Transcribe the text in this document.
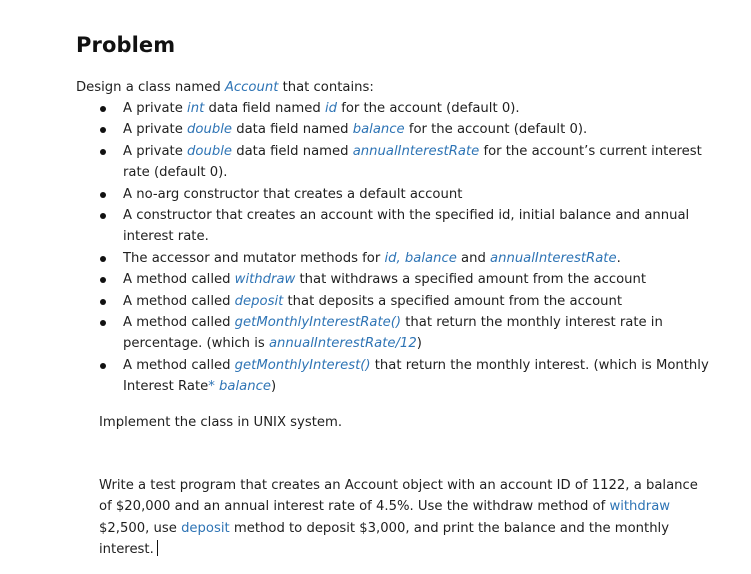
Problem
Design a class named Account that contains:
A private int data field named id for the account (default 0).
A private double data field named balance for the account (default 0).
A private double data field named annualInterestRate for the account’s current interest rate (default 0).
A no-arg constructor that creates a default account
A constructor that creates an account with the specified id, initial balance and annual interest rate.
The accessor and mutator methods for id, balance and annualInterestRate.
A method called withdraw that withdraws a specified amount from the account
A method called deposit that deposits a specified amount from the account
A method called getMonthlyInterestRate() that return the monthly interest rate in percentage. (which is annualInterestRate/12)
A method called getMonthlyInterest() that return the monthly interest. (which is Monthly Interest Rate* balance)
Implement the class in UNIX system.
Write a test program that creates an Account object with an account ID of 1122, a balance of $20,000 and an annual interest rate of 4.5%. Use the withdraw method of withdraw $2,500, use deposit method to deposit $3,000, and print the balance and the monthly interest.
